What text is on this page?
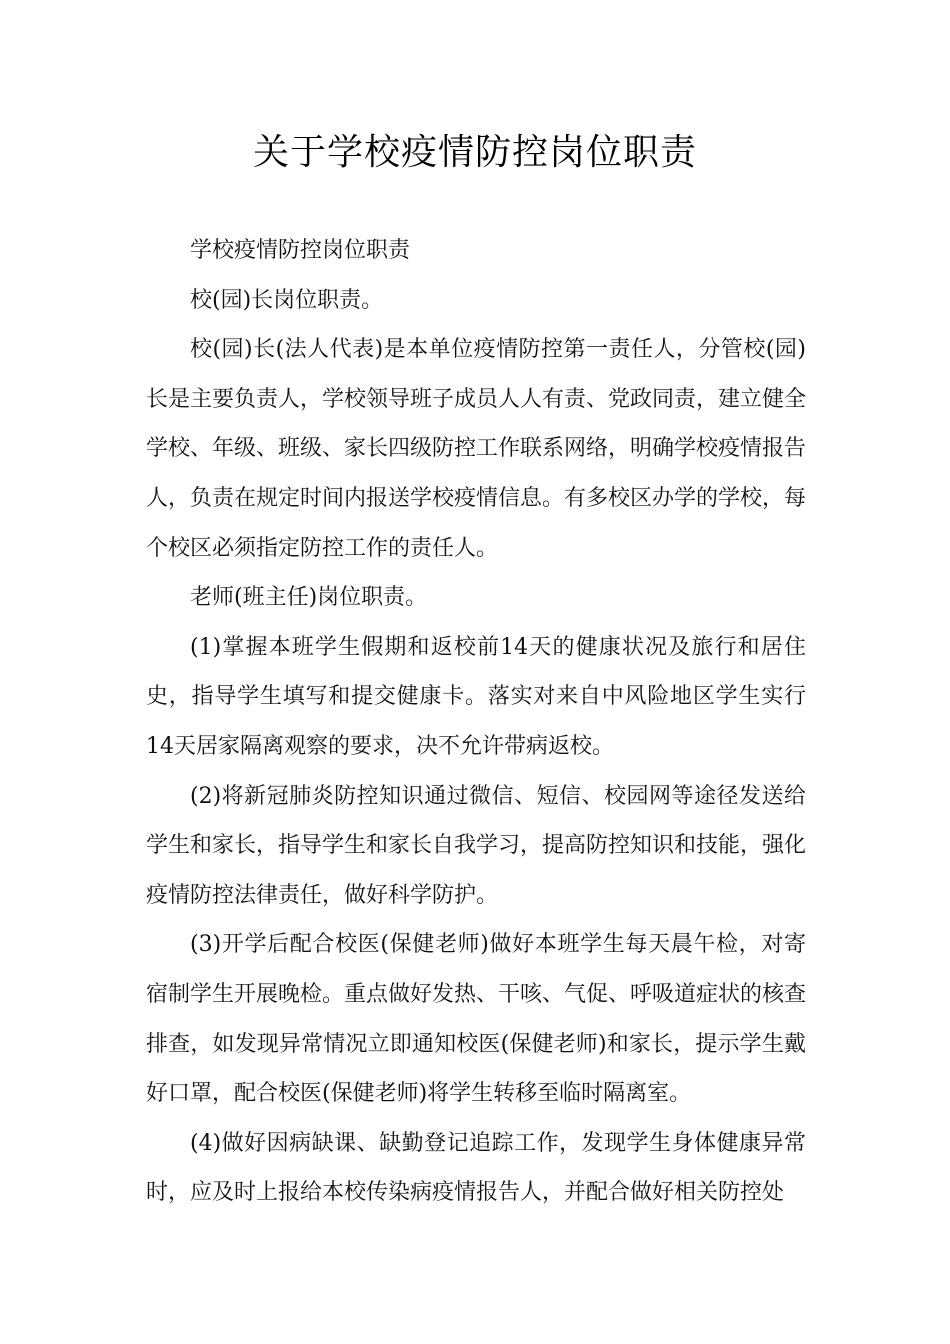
关于学校疫情防控岗位职责

学校疫情防控岗位职责

校(园)长岗位职责。

校(园)长(法人代表)是本单位疫情防控第一责任人，分管校(园)长是主要负责人，学校领导班子成员人人有责、党政同责，建立健全学校、年级、班级、家长四级防控工作联系网络，明确学校疫情报告人，负责在规定时间内报送学校疫情信息。有多校区办学的学校，每个校区必须指定防控工作的责任人。

老师(班主任)岗位职责。

(1)掌握本班学生假期和返校前14天的健康状况及旅行和居住史，指导学生填写和提交健康卡。落实对来自中风险地区学生实行14天居家隔离观察的要求，决不允许带病返校。

(2)将新冠肺炎防控知识通过微信、短信、校园网等途径发送给学生和家长，指导学生和家长自我学习，提高防控知识和技能，强化疫情防控法律责任，做好科学防护。

(3)开学后配合校医(保健老师)做好本班学生每天晨午检，对寄宿制学生开展晚检。重点做好发热、干咳、气促、呼吸道症状的核查排查，如发现异常情况立即通知校医(保健老师)和家长，提示学生戴好口罩，配合校医(保健老师)将学生转移至临时隔离室。

(4)做好因病缺课、缺勤登记追踪工作，发现学生身体健康异常时，应及时上报给本校传染病疫情报告人，并配合做好相关防控处
